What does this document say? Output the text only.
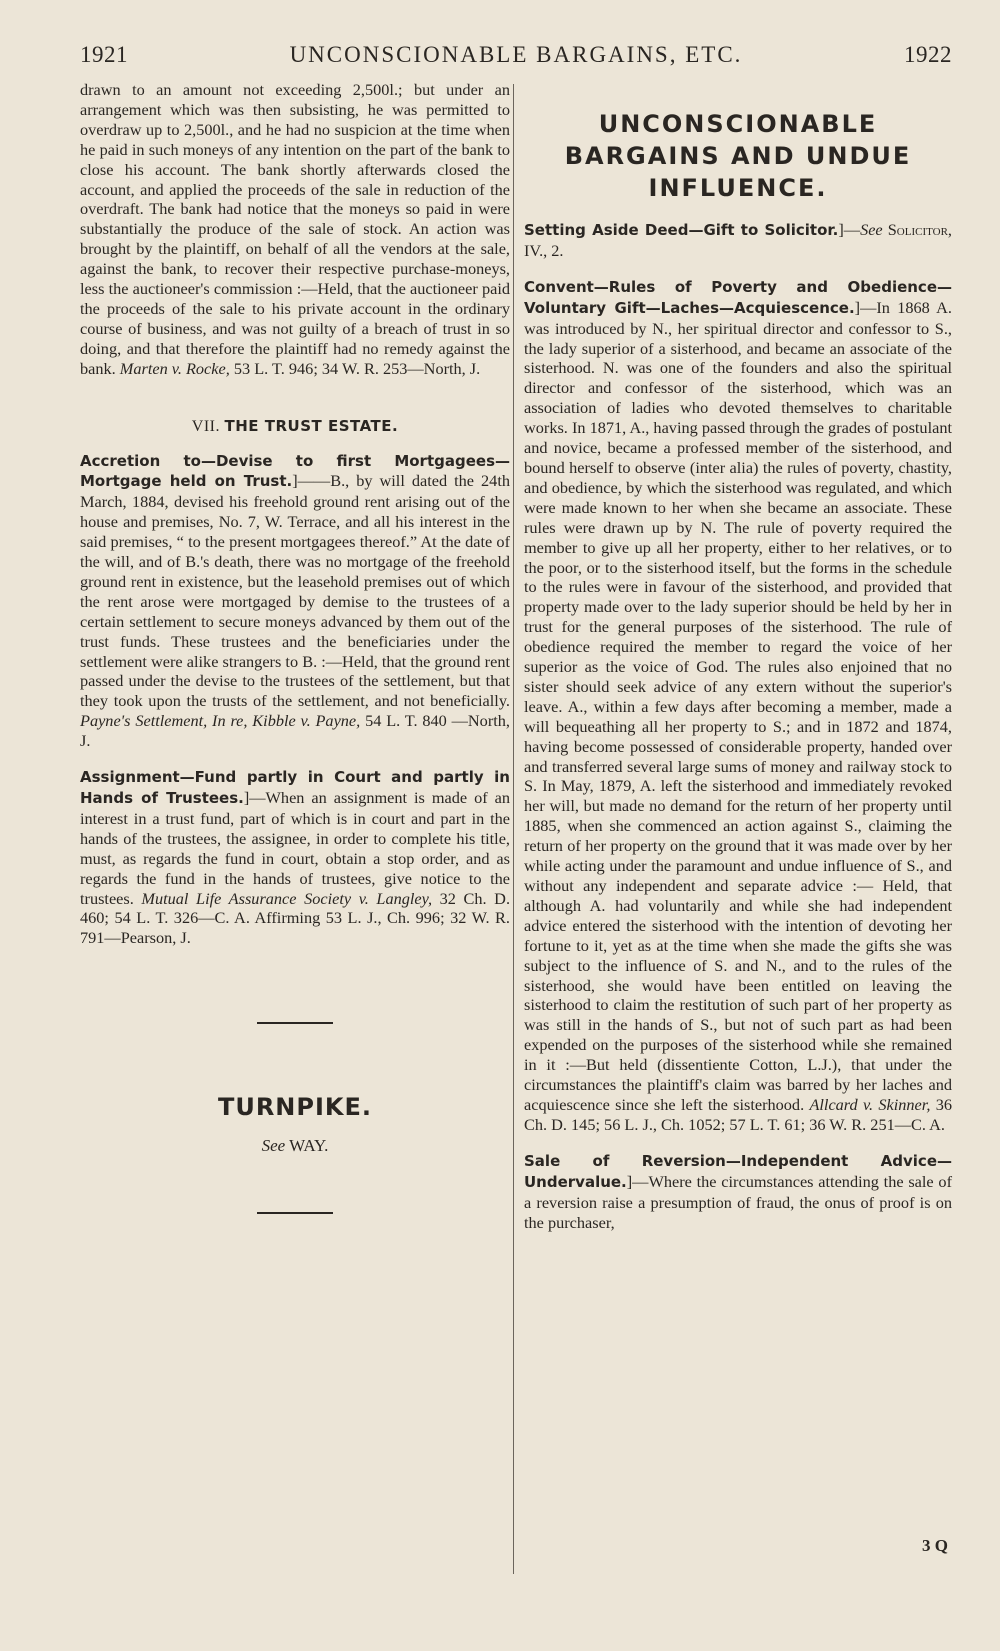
1921	UNCONSCIONABLE BARGAINS, ETC.	1922

drawn to an amount not exceeding 2,500l.; but under an arrangement which was then subsisting, he was permitted to overdraw up to 2,500l., and he had no suspicion at the time when he paid in such moneys of any intention on the part of the bank to close his account. The bank shortly afterwards closed the account, and applied the proceeds of the sale in reduction of the overdraft. The bank had notice that the moneys so paid in were substantially the produce of the sale of stock. An action was brought by the plaintiff, on behalf of all the vendors at the sale, against the bank, to recover their respective purchase-moneys, less the auctioneer's commission :—Held, that the auctioneer paid the proceeds of the sale to his private account in the ordinary course of business, and was not guilty of a breach of trust in so doing, and that therefore the plaintiff had no remedy against the bank. Marten v. Rocke, 53 L. T. 946; 34 W. R. 253—North, J.

VII. THE TRUST ESTATE.

Accretion to—Devise to first Mortgagees—Mortgage held on Trust.]——B., by will dated the 24th March, 1884, devised his freehold ground rent arising out of the house and premises, No. 7, W. Terrace, and all his interest in the said premises, “ to the present mortgagees thereof.” At the date of the will, and of B.'s death, there was no mortgage of the freehold ground rent in existence, but the leasehold premises out of which the rent arose were mortgaged by demise to the trustees of a certain settlement to secure moneys advanced by them out of the trust funds. These trustees and the beneficiaries under the settlement were alike strangers to B. :—Held, that the ground rent passed under the devise to the trustees of the settlement, but that they took upon the trusts of the settlement, and not beneficially. Payne's Settlement, In re, Kibble v. Payne, 54 L. T. 840 —North, J.

Assignment—Fund partly in Court and partly in Hands of Trustees.]—When an assignment is made of an interest in a trust fund, part of which is in court and part in the hands of the trustees, the assignee, in order to complete his title, must, as regards the fund in court, obtain a stop order, and as regards the fund in the hands of trustees, give notice to the trustees. Mutual Life Assurance Society v. Langley, 32 Ch. D. 460; 54 L. T. 326—C. A. Affirming 53 L. J., Ch. 996; 32 W. R. 791—Pearson, J.

TURNPIKE.
See WAY.
UNCONSCIONABLE BARGAINS AND UNDUE INFLUENCE.

Setting Aside Deed—Gift to Solicitor.]—See Solicitor, IV., 2.

Convent—Rules of Poverty and Obedience—Voluntary Gift—Laches—Acquiescence.]—In 1868 A. was introduced by N., her spiritual director and confessor to S., the lady superior of a sisterhood, and became an associate of the sisterhood. N. was one of the founders and also the spiritual director and confessor of the sisterhood, which was an association of ladies who devoted themselves to charitable works. In 1871, A., having passed through the grades of postulant and novice, became a professed member of the sisterhood, and bound herself to observe (inter alia) the rules of poverty, chastity, and obedience, by which the sisterhood was regulated, and which were made known to her when she became an associate. These rules were drawn up by N. The rule of poverty required the member to give up all her property, either to her relatives, or to the poor, or to the sisterhood itself, but the forms in the schedule to the rules were in favour of the sisterhood, and provided that property made over to the lady superior should be held by her in trust for the general purposes of the sisterhood. The rule of obedience required the member to regard the voice of her superior as the voice of God. The rules also enjoined that no sister should seek advice of any extern without the superior's leave. A., within a few days after becoming a member, made a will bequeathing all her property to S.; and in 1872 and 1874, having become possessed of considerable property, handed over and transferred several large sums of money and railway stock to S. In May, 1879, A. left the sisterhood and immediately revoked her will, but made no demand for the return of her property until 1885, when she commenced an action against S., claiming the return of her property on the ground that it was made over by her while acting under the paramount and undue influence of S., and without any independent and separate advice :— Held, that although A. had voluntarily and while she had independent advice entered the sisterhood with the intention of devoting her fortune to it, yet as at the time when she made the gifts she was subject to the influence of S. and N., and to the rules of the sisterhood, she would have been entitled on leaving the sisterhood to claim the restitution of such part of her property as was still in the hands of S., but not of such part as had been expended on the purposes of the sisterhood while she remained in it :—But held (dissentiente Cotton, L.J.), that under the circumstances the plaintiff's claim was barred by her laches and acquiescence since she left the sisterhood. Allcard v. Skinner, 36 Ch. D. 145; 56 L. J., Ch. 1052; 57 L. T. 61; 36 W. R. 251—C. A.

Sale of Reversion—Independent Advice—Undervalue.]—Where the circumstances attending the sale of a reversion raise a presumption of fraud, the onus of proof is on the purchaser,

3 Q
